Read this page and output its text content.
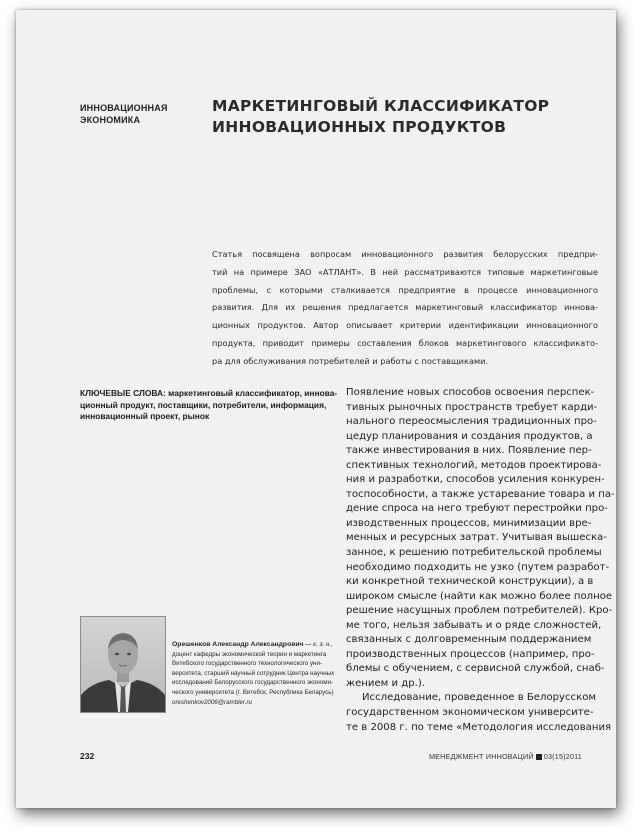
ИННОВАЦИОННАЯ
ЭКОНОМИКА
МАРКЕТИНГОВЫЙ КЛАССИФИКАТОР
ИННОВАЦИОННЫХ ПРОДУКТОВ
Статья посвящена вопросам инновационного развития белорусских предпри-
тий на примере ЗАО «АТЛАНТ». В ней рассматриваются типовые маркетинговые
проблемы, с которыми сталкивается предприятие в процессе инновационного
развития. Для их решения предлагается маркетинговый классификатор иннова-
ционных продуктов. Автор описывает критерии идентификации инновационного
продукта, приводит примеры составления блоков маркетингового классификато-
ра для обслуживания потребителей и работы с поставщиками.
КЛЮЧЕВЫЕ СЛОВА: маркетинговый классификатор, иннова-
ционный продукт, поставщики, потребители, информация,
инновационный проект, рынок
Появление новых способов освоения перспек-
тивных рыночных пространств требует карди-
нального переосмысления традиционных про-
цедур планирования и создания продуктов, а
также инвестирования в них. Появление пер-
спективных технологий, методов проектирова-
ния и разработки, способов усиления конкурен-
тоспособности, а также устаревание товара и па-
дение спроса на него требуют перестройки про-
изводственных процессов, минимизации вре-
менных и ресурсных затрат. Учитывая вышеска-
занное, к решению потребительской проблемы
необходимо подходить не узко (путем разработ-
ки конкретной технической конструкции), а в
широком смысле (найти как можно более полное
решение насущных проблем потребителей). Кро-
ме того, нельзя забывать и о ряде сложностей,
связанных с долговременным поддержанием
производственных процессов (например, про-
блемы с обучением, с сервисной службой, снаб-
жением и др.).
Исследование, проведенное в Белорусском
государственном экономическом университе-
те в 2008 г. по теме «Методология исследования
Орешенков Александр Александрович — к. э. н.,
доцент кафедры экономической теории и маркетинга
Витебского государственного технологического уни-
верситета, старший научный сотрудник Центра научных
исследований Белорусского государственного экономи-
ческого университета (г. Витебск, Республика Беларусь)
oreshenkov2006@rambler.ru
232	МЕНЕДЖМЕНТ ИННОВАЦИЙ 03(15)2011
